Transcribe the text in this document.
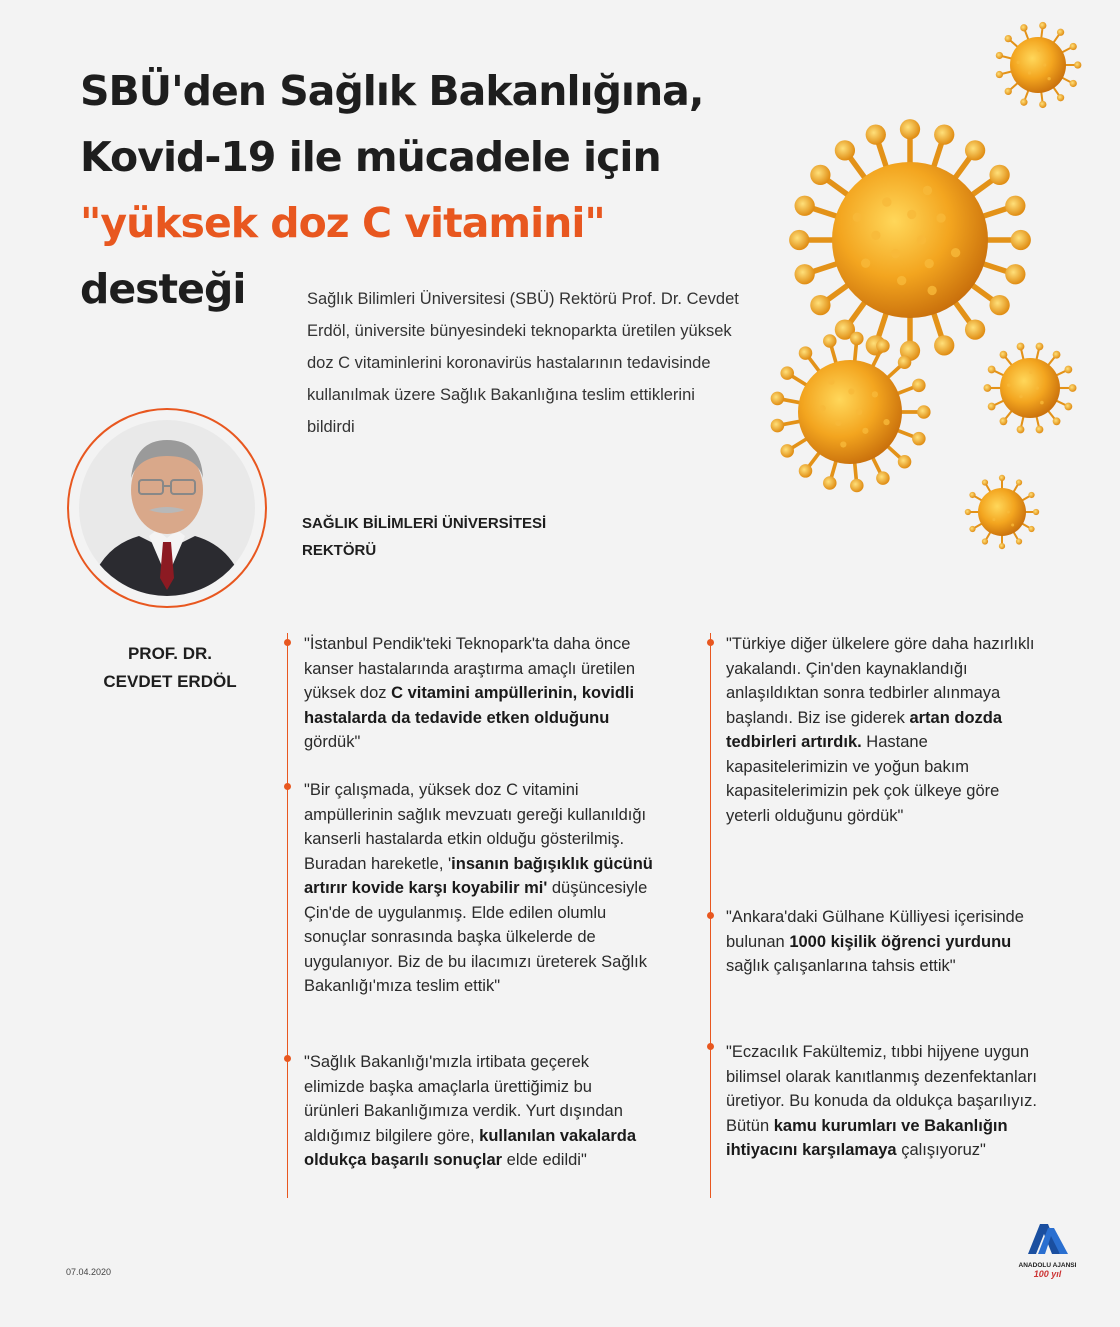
SBÜ'den Sağlık Bakanlığına,
Kovid-19 ile mücadele için
"yüksek doz C vitamini"
desteği	Sağlık Bilimleri Üniversitesi (SBÜ) Rektörü Prof. Dr. Cevdet Erdöl, üniversite bünyesindeki teknoparkta üretilen yüksek doz C vitaminlerini koronavirüs hastalarının tedavisinde kullanılmak üzere Sağlık Bakanlığına teslim ettiklerini bildirdi

SAĞLIK BİLİMLERİ ÜNİVERSİTESİ
REKTÖRÜ
PROF. DR. CEVDET ERDÖL
"İstanbul Pendik'teki Teknopark'ta daha önce kanser hastalarında araştırma amaçlı üretilen yüksek doz C vitamini ampüllerinin, kovidli hastalarda da tedavide etken olduğunu gördük"
"Bir çalışmada, yüksek doz C vitamini ampüllerinin sağlık mevzuatı gereği kullanıldığı kanserli hastalarda etkin olduğu gösterilmiş. Buradan hareketle, 'insanın bağışıklık gücünü artırır kovide karşı koyabilir mi' düşüncesiyle Çin'de de uygulanmış. Elde edilen olumlu sonuçlar sonrasında başka ülkelerde de uygulanıyor. Biz de bu ilacımızı üreterek Sağlık Bakanlığı'mıza teslim ettik"
"Sağlık Bakanlığı'mızla irtibata geçerek elimizde başka amaçlarla ürettiğimiz bu ürünleri Bakanlığımıza verdik. Yurt dışından aldığımız bilgilere göre, kullanılan vakalarda oldukça başarılı sonuçlar elde edildi"
"Türkiye diğer ülkelere göre daha hazırlıklı yakalandı. Çin'den kaynaklandığı anlaşıldıktan sonra tedbirler alınmaya başlandı. Biz ise giderek artan dozda tedbirleri artırdık. Hastane kapasitelerimizin ve yoğun bakım kapasitelerimizin pek çok ülkeye göre yeterli olduğunu gördük"
"Ankara'daki Gülhane Külliyesi içerisinde bulunan 1000 kişilik öğrenci yurdunu sağlık çalışanlarına tahsis ettik"
"Eczacılık Fakültemiz, tıbbi hijyene uygun bilimsel olarak kanıtlanmış dezenfektanları üretiyor. Bu konuda da oldukça başarılıyız. Bütün kamu kurumları ve Bakanlığın ihtiyacını karşılamaya çalışıyoruz"
07.04.2020
AA
ANADOLU AJANSI
100 yıl
